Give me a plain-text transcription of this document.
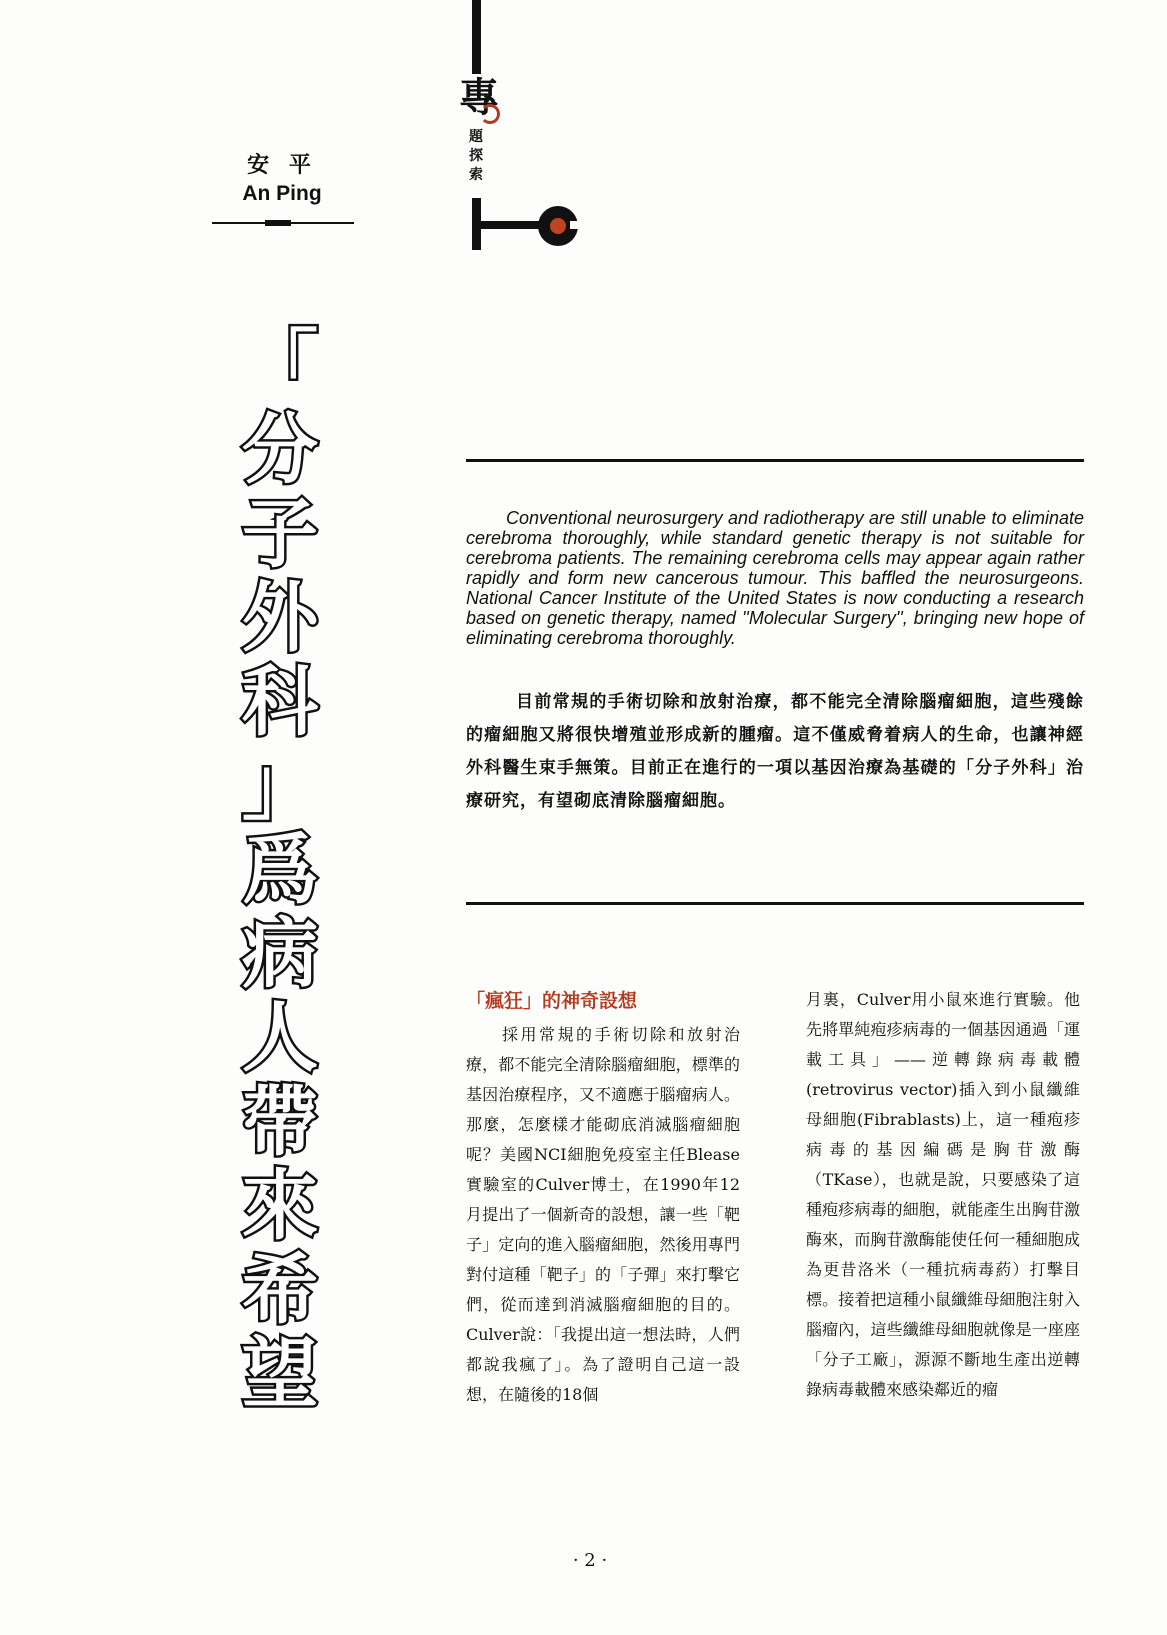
專
題探索
安 平
An Ping
「
分
子
外
科
」
爲
病
人
帶
來
希
望
Conventional neurosurgery and radiotherapy are still unable to eliminate cerebroma thoroughly, while standard genetic therapy is not suitable for cerebroma patients. The remaining cerebroma cells may appear again rather rapidly and form new cancerous tumour. This baffled the neurosurgeons. National Cancer Institute of the United States is now conducting a research based on genetic therapy, named ''Molecular Surgery'', bringing new hope of eliminating cerebroma thoroughly.
目前常規的手術切除和放射治療，都不能完全清除腦瘤細胞，這些殘餘的瘤細胞又將很快增殖並形成新的腫瘤。這不僅威脅着病人的生命，也讓神經外科醫生束手無策。目前正在進行的一項以基因治療為基礎的「分子外科」治療研究，有望砌底清除腦瘤細胞。
「瘋狂」的神奇設想
採用常規的手術切除和放射治療，都不能完全清除腦瘤細胞，標準的基因治療程序，又不適應于腦瘤病人。那麼，怎麼樣才能砌底消滅腦瘤細胞呢？美國NCI細胞免疫室主任Blease實驗室的Culver博士，在1990年12月提出了一個新奇的設想，讓一些「靶子」定向的進入腦瘤細胞，然後用專門對付這種「靶子」的「子彈」來打擊它們，從而達到消滅腦瘤細胞的目的。Culver說：「我提出這一想法時，人們都說我瘋了」。為了證明自己這一設想，在隨後的18個
月裏，Culver用小鼠來進行實驗。他先將單純疱疹病毒的一個基因通過「運載工具」——逆轉錄病毒載體(retrovirus vector)插入到小鼠纖維母細胞(Fibrablasts)上，這一種疱疹病毒的基因編碼是胸苷激酶（TKase），也就是說，只要感染了這種疱疹病毒的細胞，就能產生出胸苷激酶來，而胸苷激酶能使任何一種細胞成為更昔洛米（一種抗病毒葯）打擊目標。接着把這種小鼠纖維母細胞注射入腦瘤內，這些纖維母細胞就像是一座座「分子工廠」，源源不斷地生產出逆轉錄病毒載體來感染鄰近的瘤
· 2 ·
